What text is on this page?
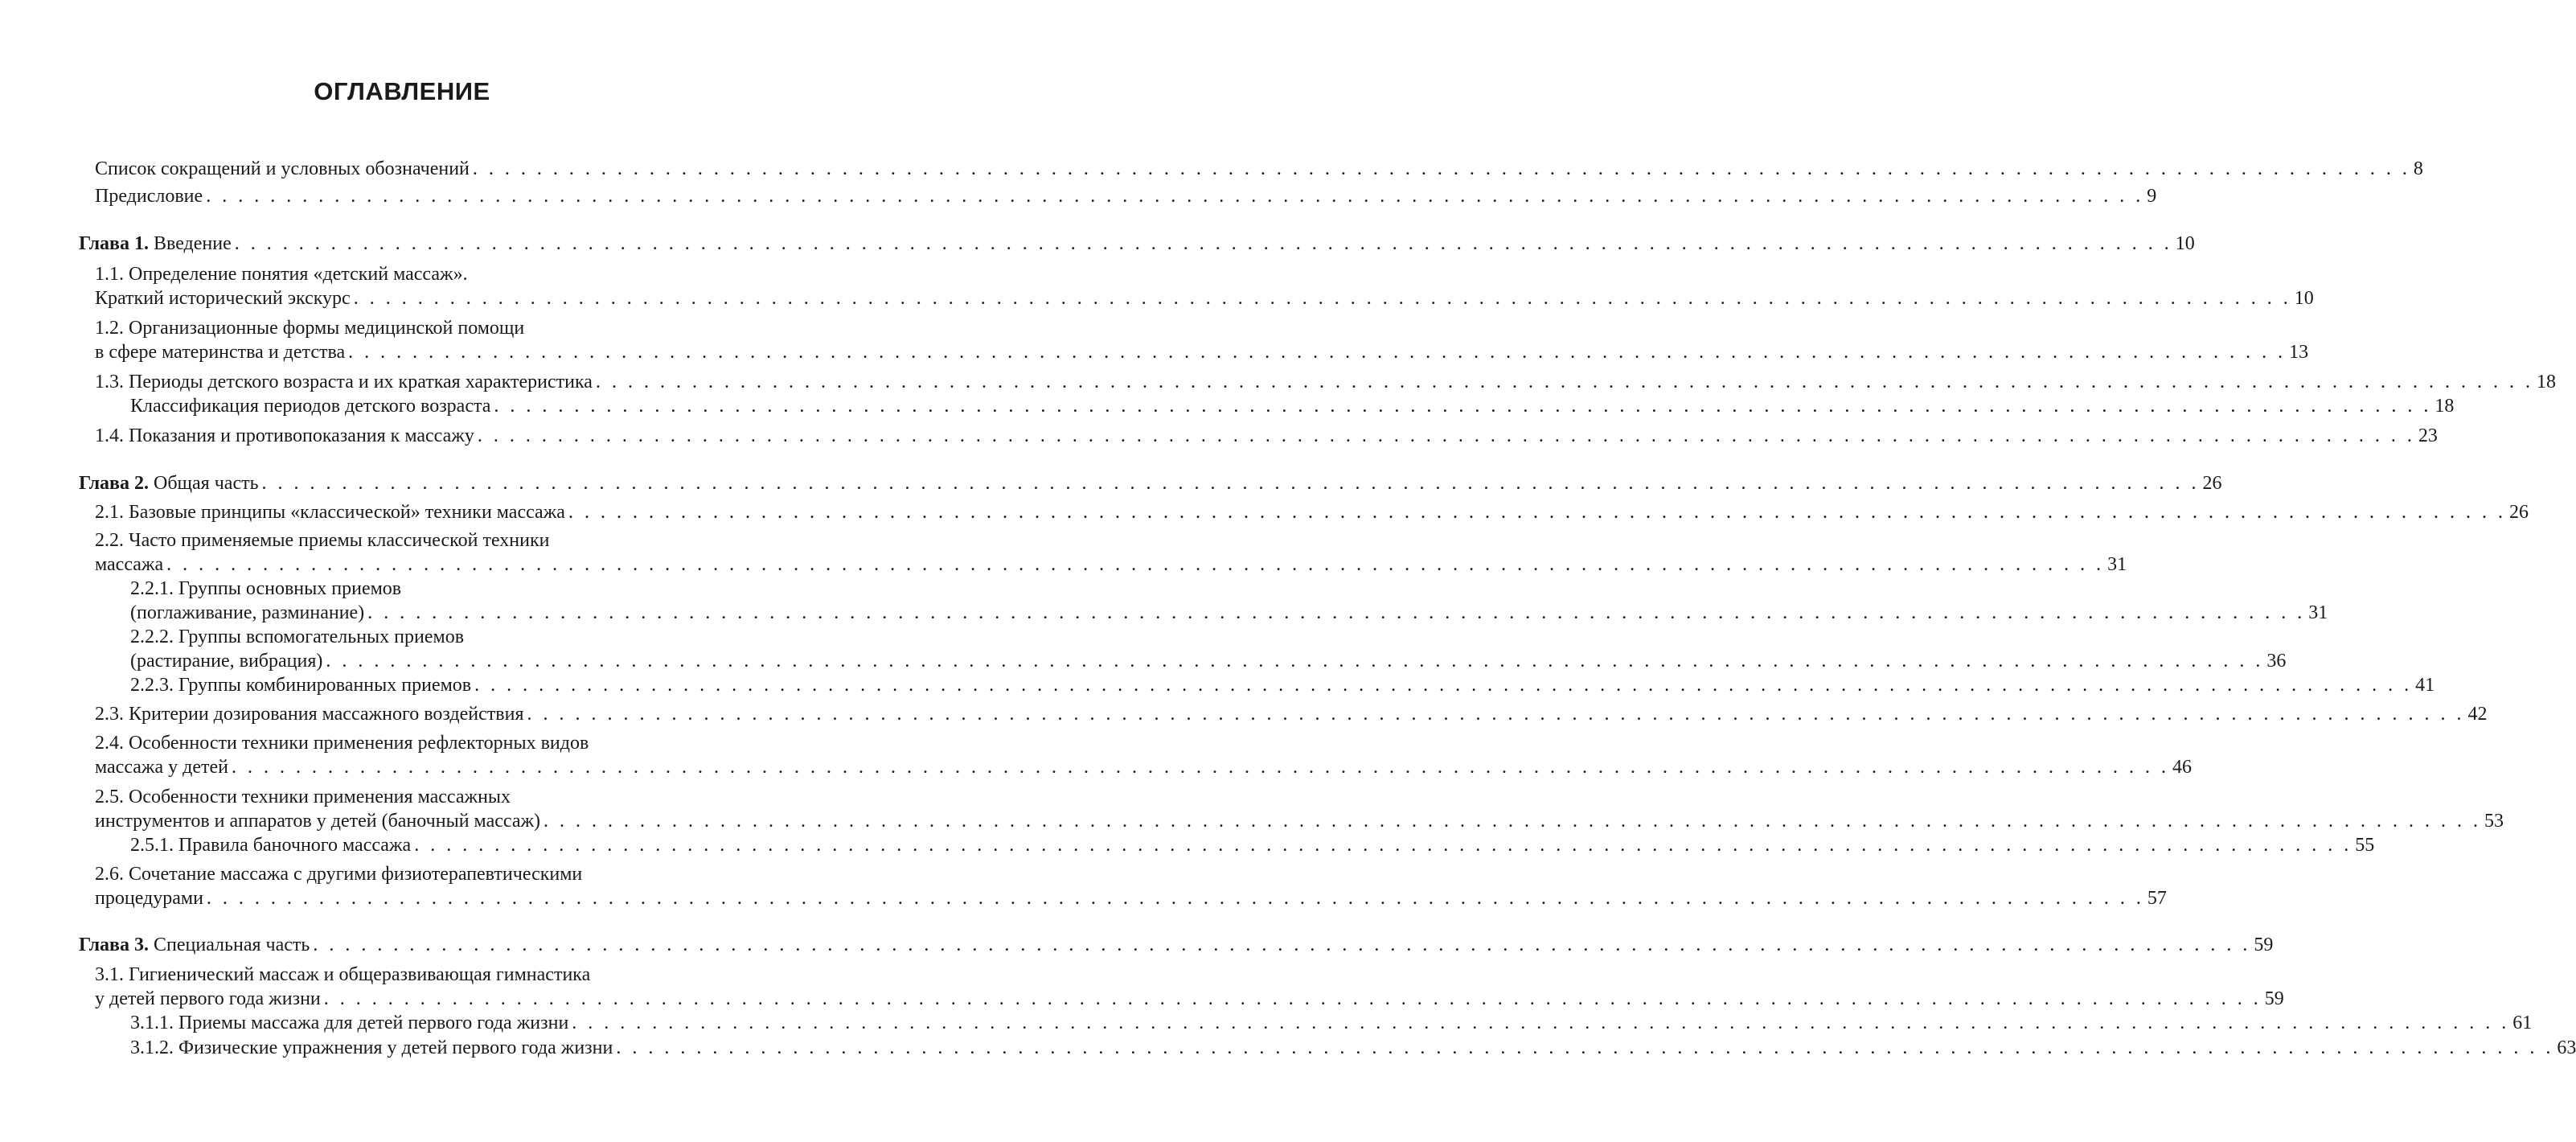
ОГЛАВЛЕНИЕ
Список сокращений и условных обозначений . . . . . . . . . . . . . . . . . . . . . . . . . . . . . . . . . . . . . . . . . . . . . . . . . . . . . . . . . . . . . . . . . . . . . . . . . . . . . . . . . . . . . . . . . . . . . . . . . . . . . . . . . . . . . . . . . . . . . . . . . 8
Предисловие . . . . . . . . . . . . . . . . . . . . . . . . . . . . . . . . . . . . . . . . . . . . . . . . . . . . . . . . . . . . . . . . . . . . . . . . . . . . . . . . . . . . . . . . . . . . . . . . . . . . . . . . . . . . . . . . . . . . . . . . . 9
Глава 1. Введение . . . . . . . . . . . . . . . . . . . . . . . . . . . . . . . . . . . . . . . . . . . . . . . . . . . . . . . . . . . . . . . . . . . . . . . . . . . . . . . . . . . . . . . . . . . . . . . . . . . . . . . . . . . . . . . . . . . . . . . . . 10
1.1. Определение понятия «детский массаж».
Краткий исторический экскурс . . . . . . . . . . . . . . . . . . . . . . . . . . . . . . . . . . . . . . . . . . . . . . . . . . . . . . . . . . . . . . . . . . . . . . . . . . . . . . . . . . . . . . . . . . . . . . . . . . . . . . . . . . . . . . . . . . . . . . . . . 10
1.2. Организационные формы медицинской помощи
в сфере материнства и детства . . . . . . . . . . . . . . . . . . . . . . . . . . . . . . . . . . . . . . . . . . . . . . . . . . . . . . . . . . . . . . . . . . . . . . . . . . . . . . . . . . . . . . . . . . . . . . . . . . . . . . . . . . . . . . . . . . . . . . . . . 13
1.3. Периоды детского возраста и их краткая характеристика . . . . . . . . . . . . . . . . . . . . . . . . . . . . . . . . . . . . . . . . . . . . . . . . . . . . . . . . . . . . . . . . . . . . . . . . . . . . . . . . . . . . . . . . . . . . . . . . . . . . . . . . . . . . . . . . . . . . . . . . . 18
Классификация периодов детского возраста . . . . . . . . . . . . . . . . . . . . . . . . . . . . . . . . . . . . . . . . . . . . . . . . . . . . . . . . . . . . . . . . . . . . . . . . . . . . . . . . . . . . . . . . . . . . . . . . . . . . . . . . . . . . . . . . . . . . . . . . . 18
1.4. Показания и противопоказания к массажу . . . . . . . . . . . . . . . . . . . . . . . . . . . . . . . . . . . . . . . . . . . . . . . . . . . . . . . . . . . . . . . . . . . . . . . . . . . . . . . . . . . . . . . . . . . . . . . . . . . . . . . . . . . . . . . . . . . . . . . . . 23
Глава 2. Общая часть . . . . . . . . . . . . . . . . . . . . . . . . . . . . . . . . . . . . . . . . . . . . . . . . . . . . . . . . . . . . . . . . . . . . . . . . . . . . . . . . . . . . . . . . . . . . . . . . . . . . . . . . . . . . . . . . . . . . . . . . . 26
2.1. Базовые принципы «классической» техники массажа . . . . . . . . . . . . . . . . . . . . . . . . . . . . . . . . . . . . . . . . . . . . . . . . . . . . . . . . . . . . . . . . . . . . . . . . . . . . . . . . . . . . . . . . . . . . . . . . . . . . . . . . . . . . . . . . . . . . . . . . . 26
2.2. Часто применяемые приемы классической техники
массажа . . . . . . . . . . . . . . . . . . . . . . . . . . . . . . . . . . . . . . . . . . . . . . . . . . . . . . . . . . . . . . . . . . . . . . . . . . . . . . . . . . . . . . . . . . . . . . . . . . . . . . . . . . . . . . . . . . . . . . . . . 31
2.2.1. Группы основных приемов
(поглаживание, разминание) . . . . . . . . . . . . . . . . . . . . . . . . . . . . . . . . . . . . . . . . . . . . . . . . . . . . . . . . . . . . . . . . . . . . . . . . . . . . . . . . . . . . . . . . . . . . . . . . . . . . . . . . . . . . . . . . . . . . . . . . . 31
2.2.2. Группы вспомогательных приемов
(растирание, вибрация) . . . . . . . . . . . . . . . . . . . . . . . . . . . . . . . . . . . . . . . . . . . . . . . . . . . . . . . . . . . . . . . . . . . . . . . . . . . . . . . . . . . . . . . . . . . . . . . . . . . . . . . . . . . . . . . . . . . . . . . . . 36
2.2.3. Группы комбинированных приемов . . . . . . . . . . . . . . . . . . . . . . . . . . . . . . . . . . . . . . . . . . . . . . . . . . . . . . . . . . . . . . . . . . . . . . . . . . . . . . . . . . . . . . . . . . . . . . . . . . . . . . . . . . . . . . . . . . . . . . . . . 41
2.3. Критерии дозирования массажного воздействия . . . . . . . . . . . . . . . . . . . . . . . . . . . . . . . . . . . . . . . . . . . . . . . . . . . . . . . . . . . . . . . . . . . . . . . . . . . . . . . . . . . . . . . . . . . . . . . . . . . . . . . . . . . . . . . . . . . . . . . . . 42
2.4. Особенности техники применения рефлекторных видов
массажа у детей . . . . . . . . . . . . . . . . . . . . . . . . . . . . . . . . . . . . . . . . . . . . . . . . . . . . . . . . . . . . . . . . . . . . . . . . . . . . . . . . . . . . . . . . . . . . . . . . . . . . . . . . . . . . . . . . . . . . . . . . . 46
2.5. Особенности техники применения массажных
инструментов и аппаратов у детей (баночный массаж) . . . . . . . . . . . . . . . . . . . . . . . . . . . . . . . . . . . . . . . . . . . . . . . . . . . . . . . . . . . . . . . . . . . . . . . . . . . . . . . . . . . . . . . . . . . . . . . . . . . . . . . . . . . . . . . . . . . . . . . . . 53
2.5.1. Правила баночного массажа . . . . . . . . . . . . . . . . . . . . . . . . . . . . . . . . . . . . . . . . . . . . . . . . . . . . . . . . . . . . . . . . . . . . . . . . . . . . . . . . . . . . . . . . . . . . . . . . . . . . . . . . . . . . . . . . . . . . . . . . . 55
2.6. Сочетание массажа с другими физиотерапевтическими
процедурами . . . . . . . . . . . . . . . . . . . . . . . . . . . . . . . . . . . . . . . . . . . . . . . . . . . . . . . . . . . . . . . . . . . . . . . . . . . . . . . . . . . . . . . . . . . . . . . . . . . . . . . . . . . . . . . . . . . . . . . . . 57
Глава 3. Специальная часть . . . . . . . . . . . . . . . . . . . . . . . . . . . . . . . . . . . . . . . . . . . . . . . . . . . . . . . . . . . . . . . . . . . . . . . . . . . . . . . . . . . . . . . . . . . . . . . . . . . . . . . . . . . . . . . . . . . . . . . . . 59
3.1. Гигиенический массаж и общеразвивающая гимнастика
у детей первого года жизни . . . . . . . . . . . . . . . . . . . . . . . . . . . . . . . . . . . . . . . . . . . . . . . . . . . . . . . . . . . . . . . . . . . . . . . . . . . . . . . . . . . . . . . . . . . . . . . . . . . . . . . . . . . . . . . . . . . . . . . . . 59
3.1.1. Приемы массажа для детей первого года жизни . . . . . . . . . . . . . . . . . . . . . . . . . . . . . . . . . . . . . . . . . . . . . . . . . . . . . . . . . . . . . . . . . . . . . . . . . . . . . . . . . . . . . . . . . . . . . . . . . . . . . . . . . . . . . . . . . . . . . . . . . 61
3.1.2. Физические упражнения у детей первого года жизни . . . . . . . . . . . . . . . . . . . . . . . . . . . . . . . . . . . . . . . . . . . . . . . . . . . . . . . . . . . . . . . . . . . . . . . . . . . . . . . . . . . . . . . . . . . . . . . . . . . . . . . . . . . . . . . . . . . . . . . . . 63
